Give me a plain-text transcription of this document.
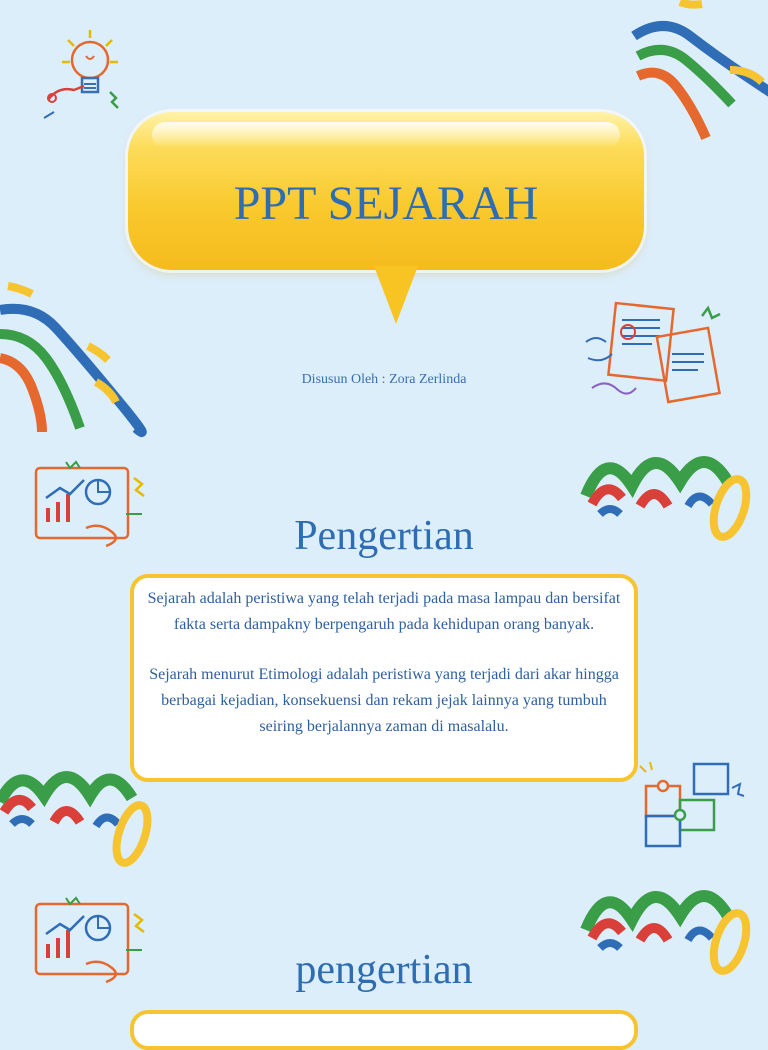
PPT SEJARAH
Disusun Oleh : Zora Zerlinda
Pengertian

Sejarah adalah peristiwa yang telah terjadi pada masa lampau dan bersifat fakta serta dampakny berpengaruh pada kehidupan orang banyak.

Sejarah menurut Etimologi adalah peristiwa yang terjadi dari akar hingga berbagai kejadian, konsekuensi dan rekam jejak lainnya yang tumbuh seiring berjalannya zaman di masalalu.

pengertian
